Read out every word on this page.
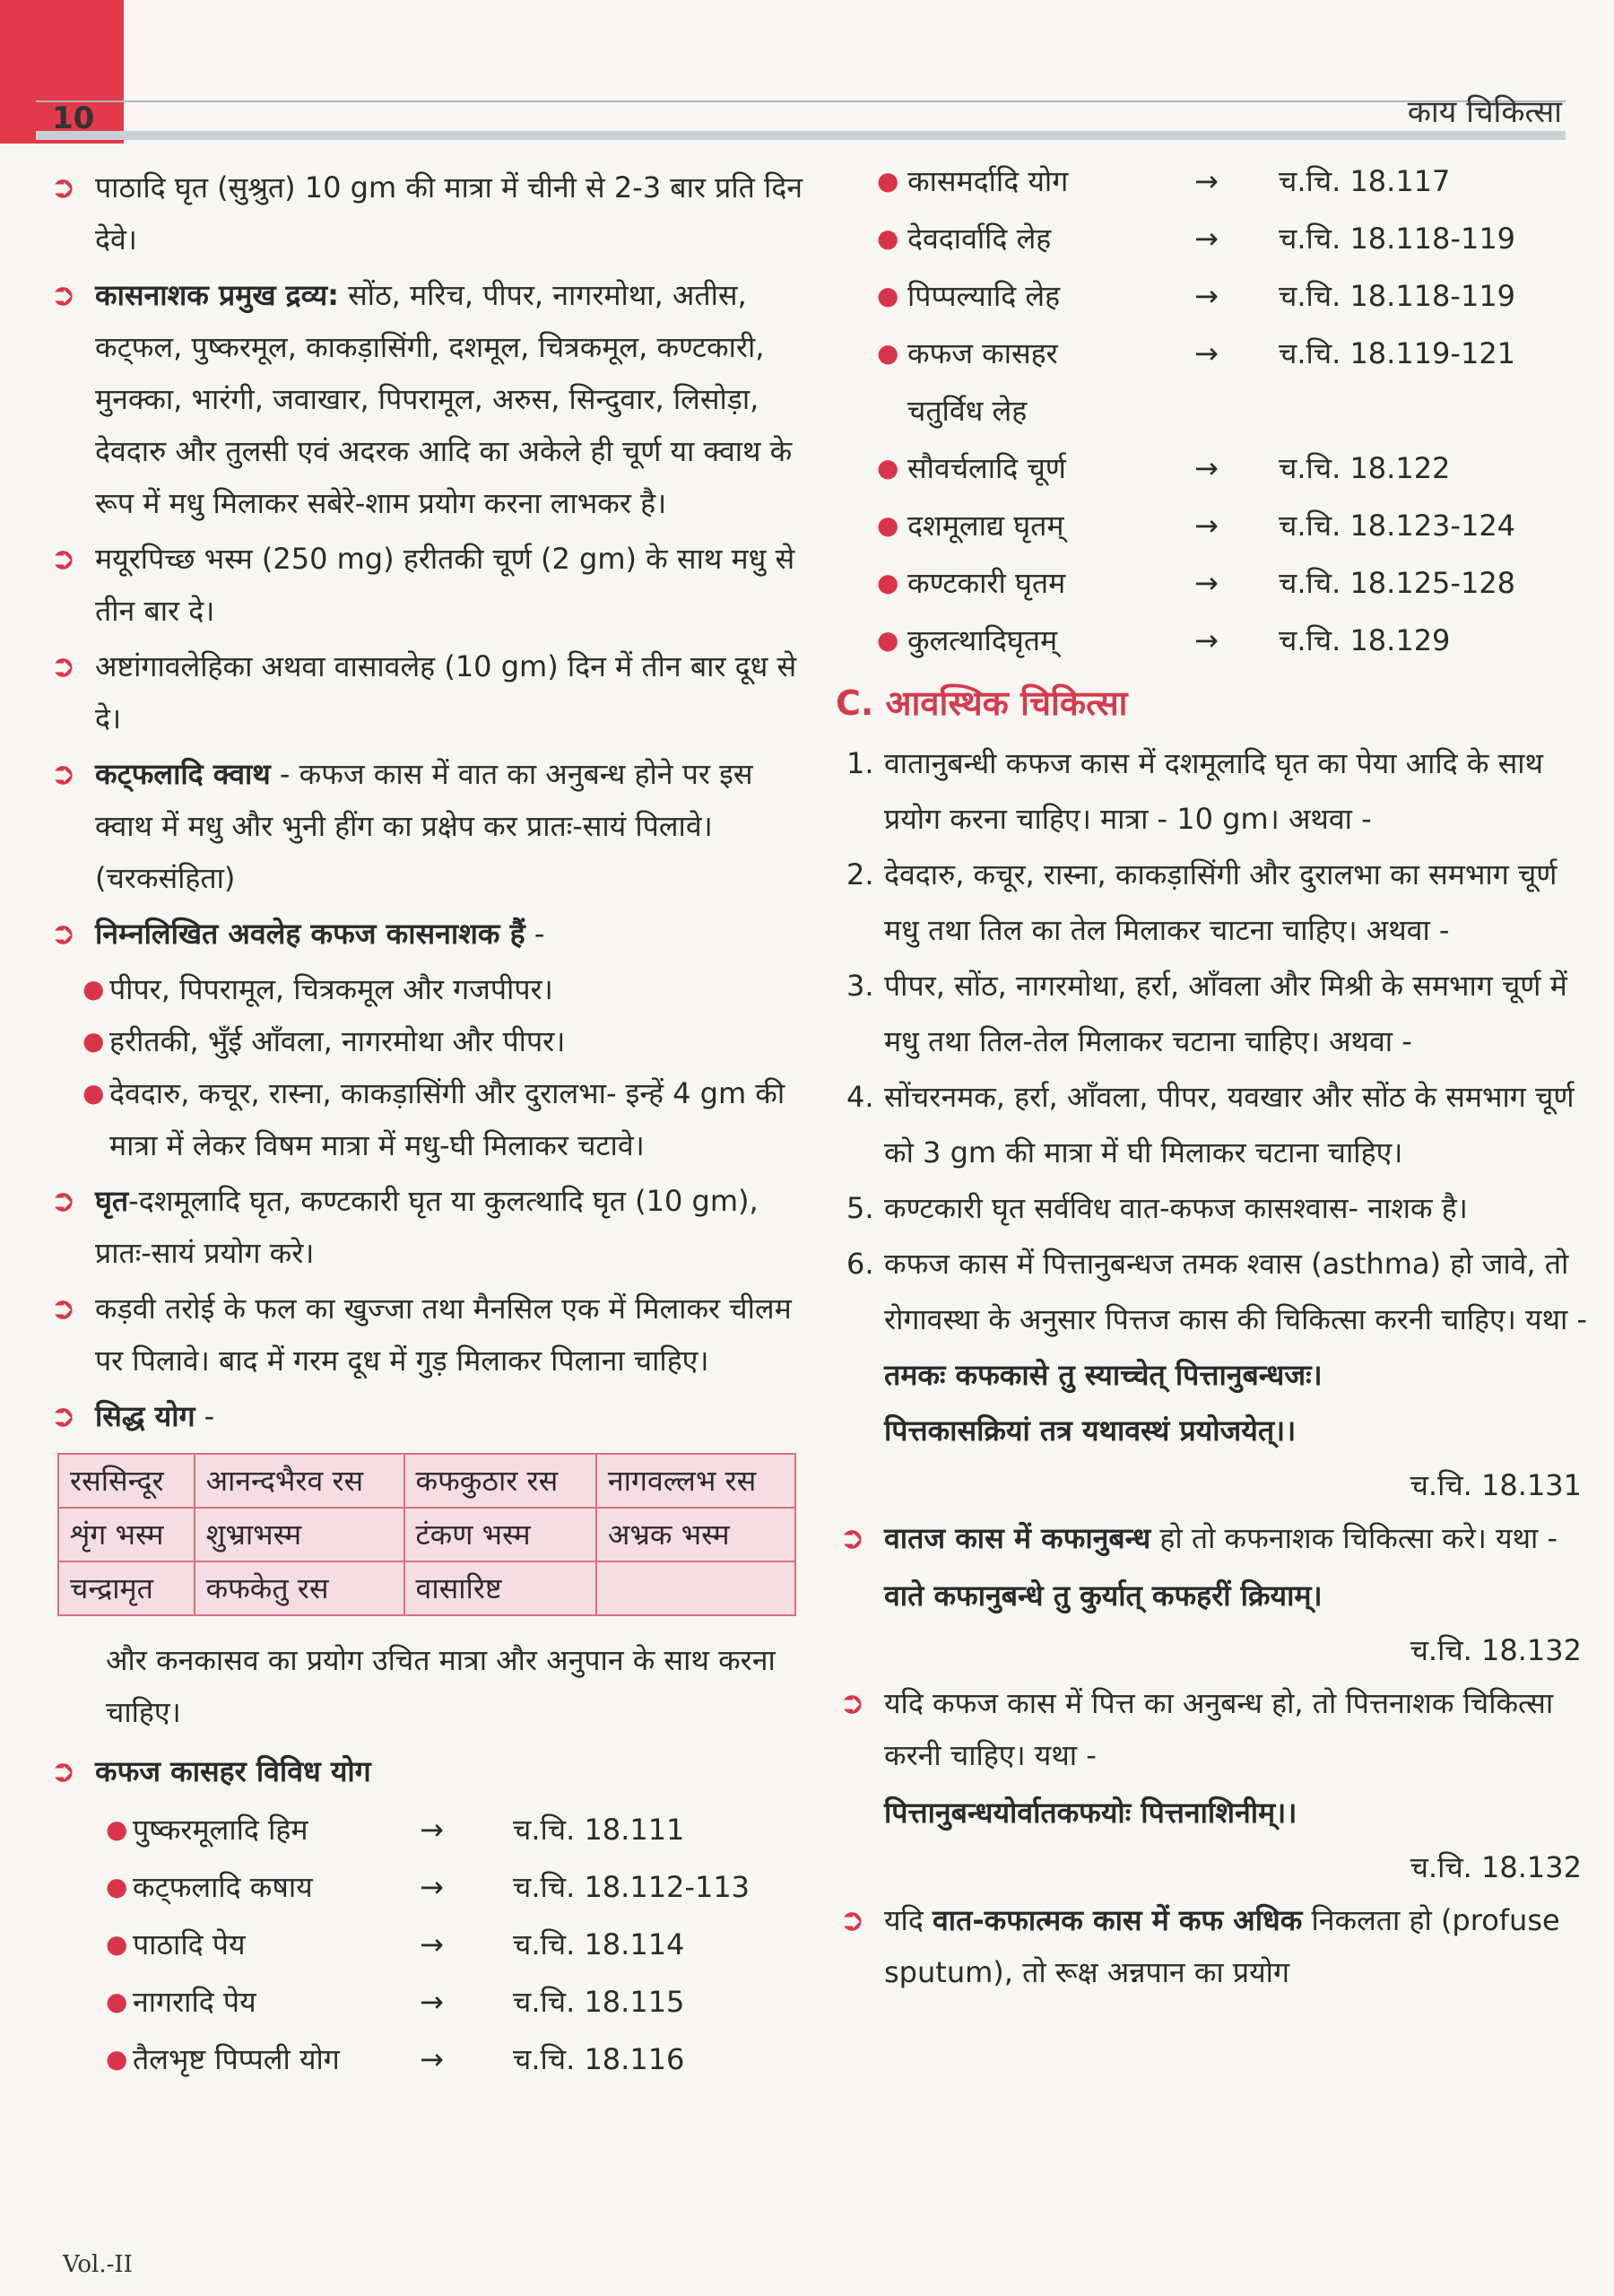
10	काय चिकित्सा

➲ पाठादि घृत (सुश्रुत) 10 gm की मात्रा में चीनी से 2-3 बार प्रति दिन देवे।

➲ कासनाशक प्रमुख द्रव्य: सोंठ, मरिच, पीपर, नागरमोथा, अतीस, कट्फल, पुष्करमूल, काकड़ासिंगी, दशमूल, चित्रकमूल, कण्टकारी, मुनक्का, भारंगी, जवाखार, पिपरामूल, अरुस, सिन्दुवार, लिसोड़ा, देवदारु और तुलसी एवं अदरक आदि का अकेले ही चूर्ण या क्वाथ के रूप में मधु मिलाकर सबेरे-शाम प्रयोग करना लाभकर है।

➲ मयूरपिच्छ भस्म (250 mg) हरीतकी चूर्ण (2 gm) के साथ मधु से तीन बार दे।

➲ अष्टांगावलेहिका अथवा वासावलेह (10 gm) दिन में तीन बार दूध से दे।

➲ कट्फलादि क्वाथ - कफज कास में वात का अनुबन्ध होने पर इस क्वाथ में मधु और भुनी हींग का प्रक्षेप कर प्रातः-सायं पिलावे। (चरकसंहिता)

➲ निम्नलिखित अवलेह कफज कासनाशक हैं -

● पीपर, पिपरामूल, चित्रकमूल और गजपीपर।
● हरीतकी, भुँई आँवला, नागरमोथा और पीपर।
● देवदारु, कचूर, रास्ना, काकड़ासिंगी और दुरालभा- इन्हें 4 gm की मात्रा में लेकर विषम मात्रा में मधु-घी मिलाकर चटावे।

➲ घृत-दशमूलादि घृत, कण्टकारी घृत या कुलत्थादि घृत (10 gm), प्रातः-सायं प्रयोग करे।

➲ कड़वी तरोई के फल का खुज्जा तथा मैनसिल एक में मिलाकर चीलम पर पिलावे। बाद में गरम दूध में गुड़ मिलाकर पिलाना चाहिए।

➲ सिद्ध योग -

रससिन्दूर	आनन्दभैरव रस	कफकुठार रस	नागवल्लभ रस
शृंग भस्म	शुभ्राभस्म	टंकण भस्म	अभ्रक भस्म
चन्द्रामृत	कफकेतु रस	वासारिष्ट	

और कनकासव का प्रयोग उचित मात्रा और अनुपान के साथ करना चाहिए।

➲ कफज कासहर विविध योग

● पुष्करमूलादि हिम	→ च.चि. 18.111
● कट्फलादि कषाय	→ च.चि. 18.112-113
● पाठादि पेय	→ च.चि. 18.114
● नागरादि पेय	→ च.चि. 18.115
● तैलभृष्ट पिप्पली योग	→ च.चि. 18.116
● कासमर्दादि योग	→ च.चि. 18.117
● देवदार्वादि लेह	→ च.चि. 18.118-119
● पिप्पल्यादि लेह	→ च.चि. 18.118-119
● कफज कासहर चतुर्विध लेह
→ च.चि. 18.119-121
● सौवर्चलादि चूर्ण	→ च.चि. 18.122
● दशमूलाद्य घृतम्	→ च.चि. 18.123-124
● कण्टकारी घृतम	→ च.चि. 18.125-128
● कुलत्थादिघृतम्	→ च.चि. 18.129
C. आवस्थिक चिकित्सा
1. वातानुबन्धी कफज कास में दशमूलादि घृत का पेया आदि के साथ प्रयोग करना चाहिए। मात्रा - 10 gm। अथवा -
2. देवदारु, कचूर, रास्ना, काकड़ासिंगी और दुरालभा का समभाग चूर्ण मधु तथा तिल का तेल मिलाकर चाटना चाहिए। अथवा -
3. पीपर, सोंठ, नागरमोथा, हर्रा, आँवला और मिश्री के समभाग चूर्ण में मधु तथा तिल-तेल मिलाकर चटाना चाहिए। अथवा -
4. सोंचरनमक, हर्रा, आँवला, पीपर, यवखार और सोंठ के समभाग चूर्ण को 3 gm की मात्रा में घी मिलाकर चटाना चाहिए।
5. कण्टकारी घृत सर्वविध वात-कफज कासश्वास- नाशक है।
6. कफज कास में पित्तानुबन्धज तमक श्वास (asthma) हो जावे, तो रोगावस्था के अनुसार पित्तज कास की चिकित्सा करनी चाहिए। यथा -
तमकः कफकासे तु स्याच्चेत् पित्तानुबन्धजः।
पित्तकासक्रियां तत्र यथावस्थं प्रयोजयेत्।।
च.चि. 18.131

➲ वातज कास में कफानुबन्ध हो तो कफनाशक चिकित्सा करे। यथा -

वाते कफानुबन्धे तु कुर्यात् कफहरीं क्रियाम्।
च.चि. 18.132

➲ यदि कफज कास में पित्त का अनुबन्ध हो, तो पित्तनाशक चिकित्सा करनी चाहिए। यथा -

पित्तानुबन्धयोर्वातकफयोः पित्तनाशिनीम्।।
च.चि. 18.132

➲ यदि वात-कफात्मक कास में कफ अधिक निकलता हो (profuse sputum), तो रूक्ष अन्नपान का प्रयोग

Vol.-II
